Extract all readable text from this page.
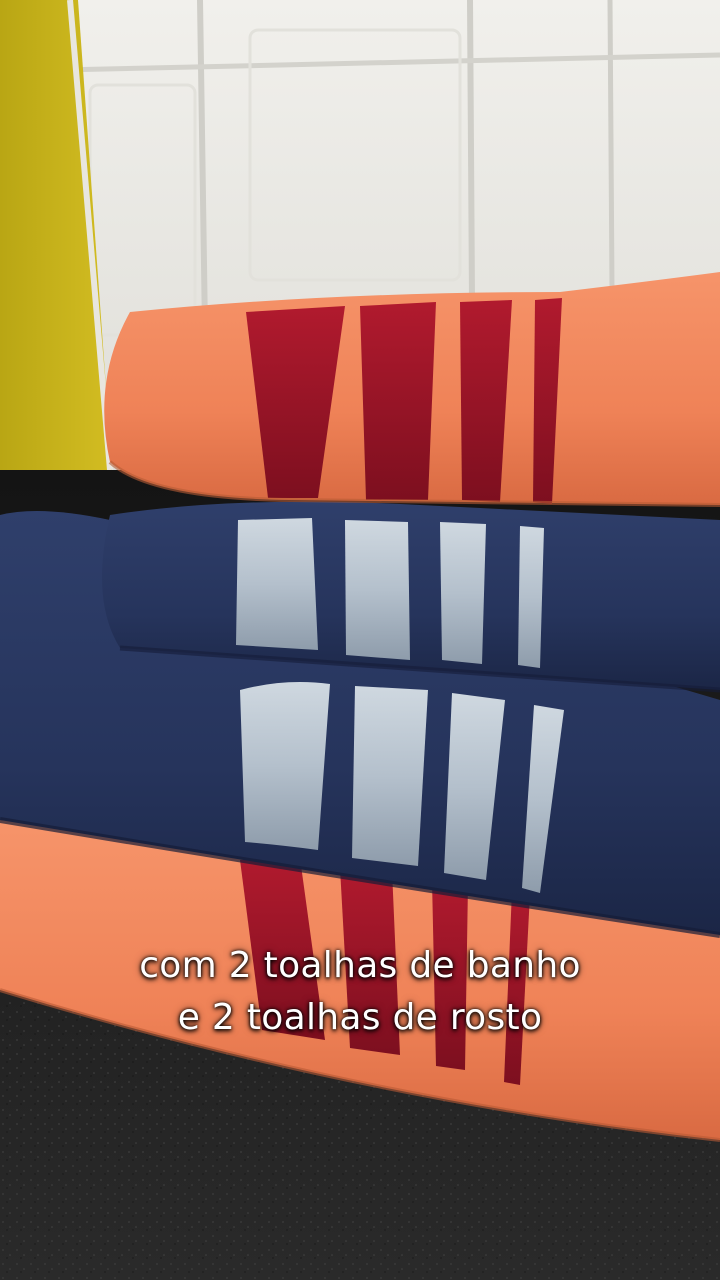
com 2 toalhas de banho
e 2 toalhas de rosto
